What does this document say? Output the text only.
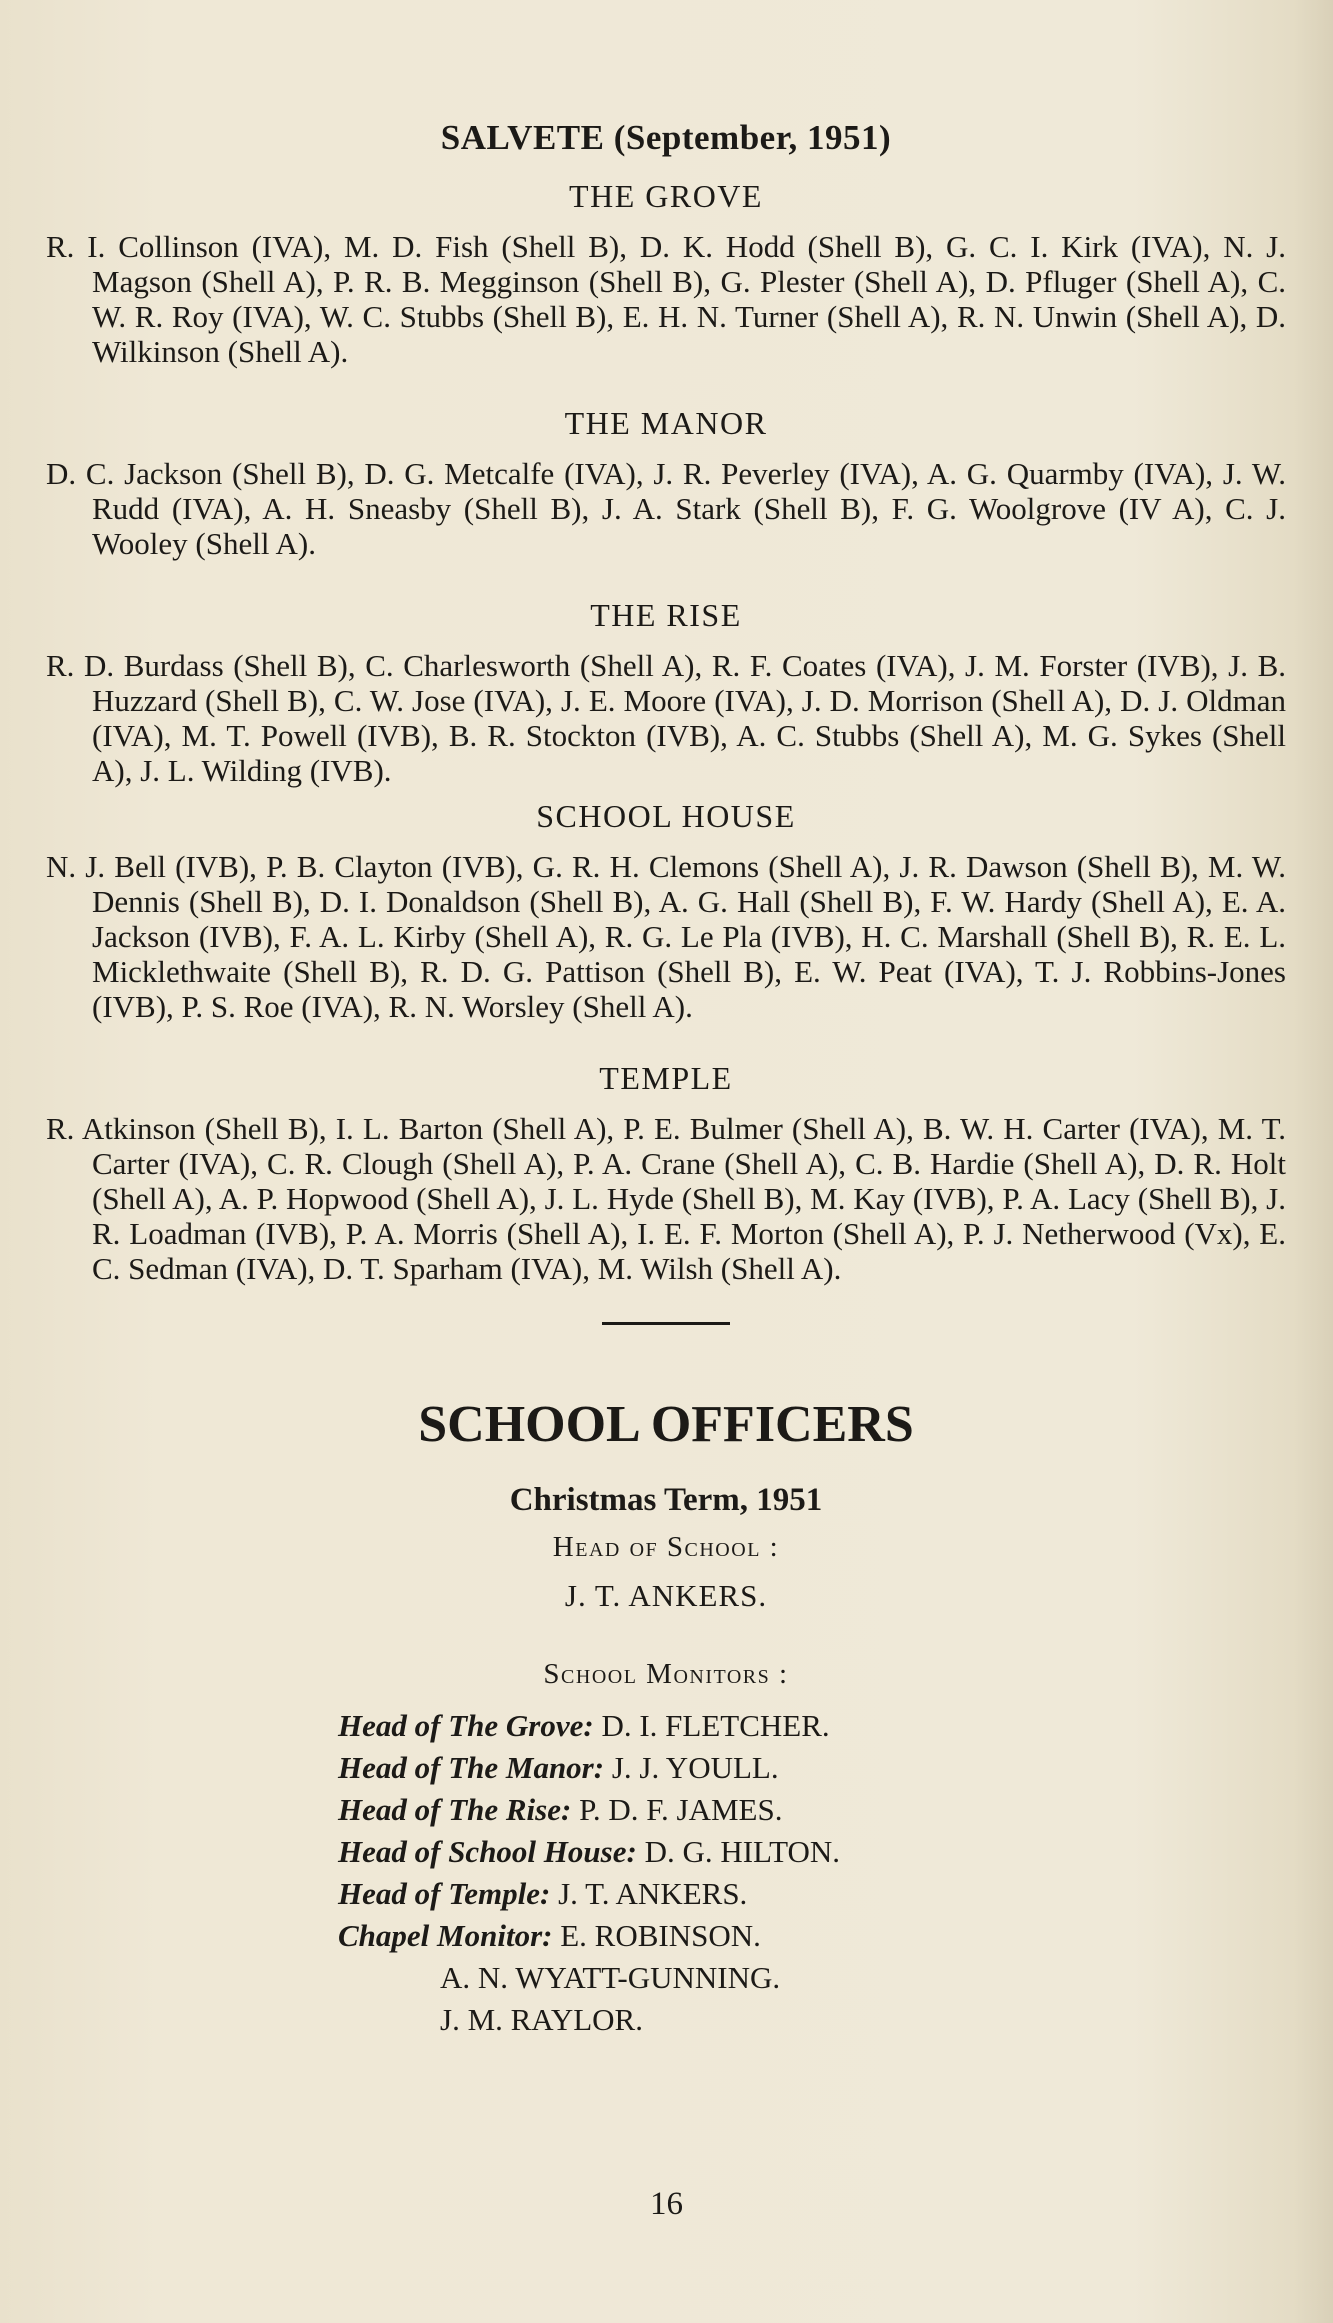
SALVETE (September, 1951)
THE GROVE
R. I. Collinson (IVA), M. D. Fish (Shell B), D. K. Hodd (Shell B), G. C. I. Kirk (IVA), N. J. Magson (Shell A), P. R. B. Megginson (Shell B), G. Plester (Shell A), D. Pfluger (Shell A), C. W. R. Roy (IVA), W. C. Stubbs (Shell B), E. H. N. Turner (Shell A), R. N. Unwin (Shell A), D. Wilkinson (Shell A).
THE MANOR
D. C. Jackson (Shell B), D. G. Metcalfe (IVA), J. R. Peverley (IVA), A. G. Quarmby (IVA), J. W. Rudd (IVA), A. H. Sneasby (Shell B), J. A. Stark (Shell B), F. G. Woolgrove (IV A), C. J. Wooley (Shell A).
THE RISE
R. D. Burdass (Shell B), C. Charlesworth (Shell A), R. F. Coates (IVA), J. M. Forster (IVB), J. B. Huzzard (Shell B), C. W. Jose (IVA), J. E. Moore (IVA), J. D. Morrison (Shell A), D. J. Oldman (IVA), M. T. Powell (IVB), B. R. Stockton (IVB), A. C. Stubbs (Shell A), M. G. Sykes (Shell A), J. L. Wilding (IVB).
SCHOOL HOUSE
N. J. Bell (IVB), P. B. Clayton (IVB), G. R. H. Clemons (Shell A), J. R. Dawson (Shell B), M. W. Dennis (Shell B), D. I. Donaldson (Shell B), A. G. Hall (Shell B), F. W. Hardy (Shell A), E. A. Jackson (IVB), F. A. L. Kirby (Shell A), R. G. Le Pla (IVB), H. C. Marshall (Shell B), R. E. L. Micklethwaite (Shell B), R. D. G. Pattison (Shell B), E. W. Peat (IVA), T. J. Robbins-Jones (IVB), P. S. Roe (IVA), R. N. Worsley (Shell A).
TEMPLE
R. Atkinson (Shell B), I. L. Barton (Shell A), P. E. Bulmer (Shell A), B. W. H. Carter (IVA), M. T. Carter (IVA), C. R. Clough (Shell A), P. A. Crane (Shell A), C. B. Hardie (Shell A), D. R. Holt (Shell A), A. P. Hopwood (Shell A), J. L. Hyde (Shell B), M. Kay (IVB), P. A. Lacy (Shell B), J. R. Loadman (IVB), P. A. Morris (Shell A), I. E. F. Morton (Shell A), P. J. Netherwood (Vx), E. C. Sedman (IVA), D. T. Sparham (IVA), M. Wilsh (Shell A).
SCHOOL OFFICERS
Christmas Term, 1951
Head of School :
J. T. ANKERS.
School Monitors :
Head of The Grove: D. I. FLETCHER.
Head of The Manor: J. J. YOULL.
Head of The Rise: P. D. F. JAMES.
Head of School House: D. G. HILTON.
Head of Temple: J. T. ANKERS.
Chapel Monitor: E. ROBINSON.
A. N. WYATT-GUNNING.
J. M. RAYLOR.
16
